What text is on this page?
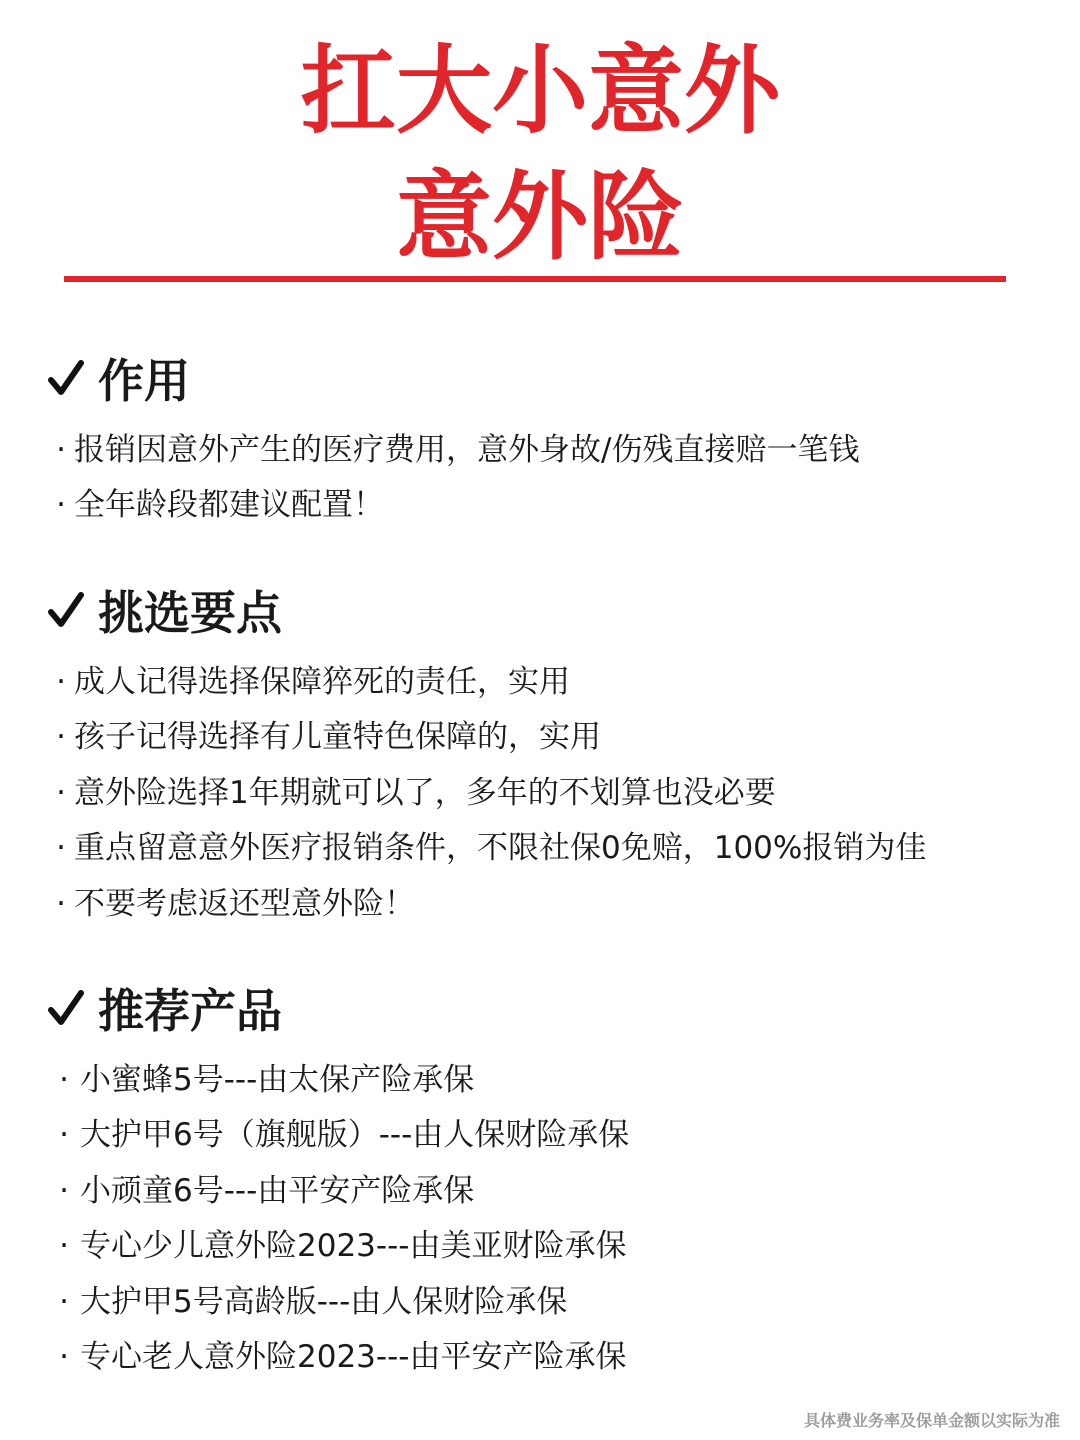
扛大小意外
意外险
作用
· 报销因意外产生的医疗费用，意外身故/伤残直接赔一笔钱
· 全年龄段都建议配置！
挑选要点
· 成人记得选择保障猝死的责任，实用
· 孩子记得选择有儿童特色保障的，实用
· 意外险选择1年期就可以了，多年的不划算也没必要
· 重点留意意外医疗报销条件，不限社保0免赔，100%报销为佳
· 不要考虑返还型意外险！
推荐产品
· 小蜜蜂5号---由太保产险承保
· 大护甲6号（旗舰版）---由人保财险承保
· 小顽童6号---由平安产险承保
· 专心少儿意外险2023---由美亚财险承保
· 大护甲5号高龄版---由人保财险承保
· 专心老人意外险2023---由平安产险承保

具体费业务率及保单金额以实际为准
